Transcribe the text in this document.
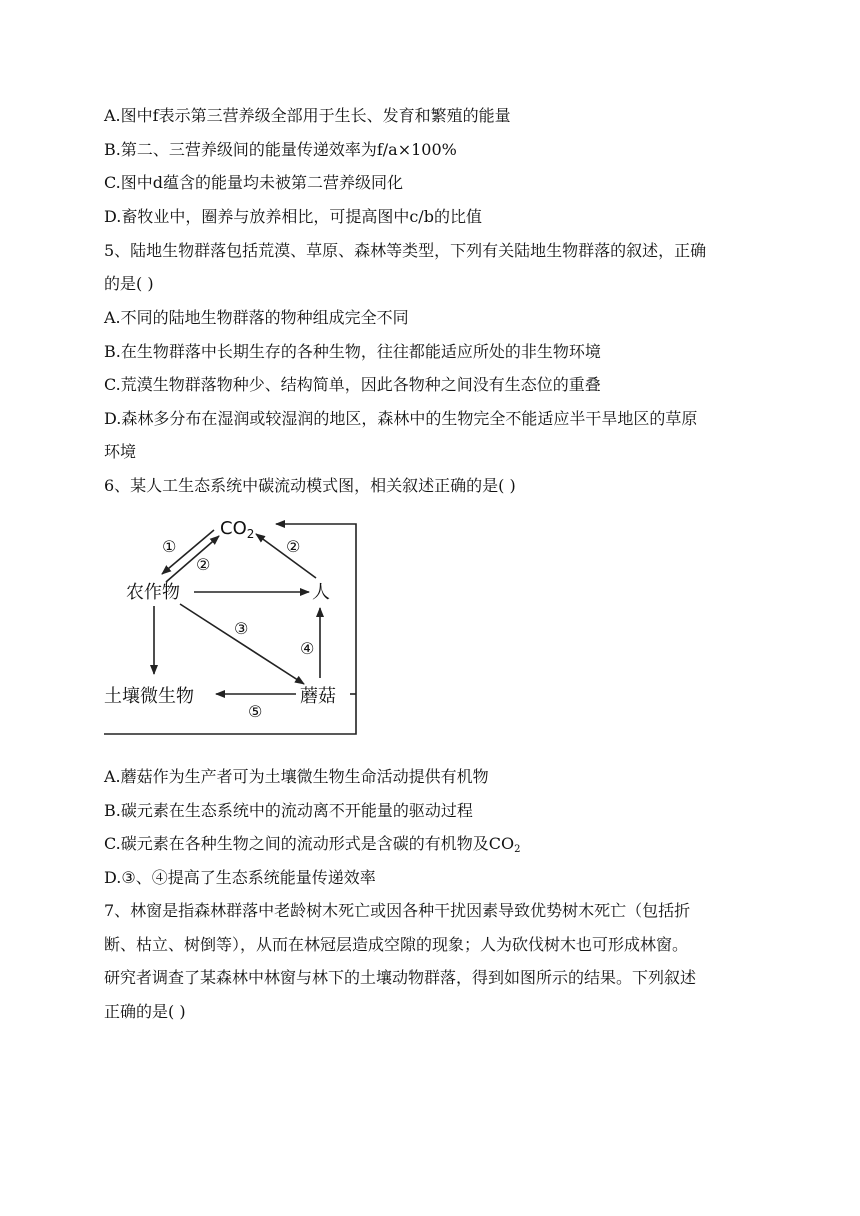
A.图中f表示第三营养级全部用于生长、发育和繁殖的能量
B.第二、三营养级间的能量传递效率为f/a×100%
C.图中d蕴含的能量均未被第二营养级同化
D.畜牧业中，圈养与放养相比，可提高图中c/b的比值
5、陆地生物群落包括荒漠、草原、森林等类型，下列有关陆地生物群落的叙述，正确
的是( )
A.不同的陆地生物群落的物种组成完全不同
B.在生物群落中长期生存的各种生物，往往都能适应所处的非生物环境
C.荒漠生物群落物种少、结构简单，因此各物种之间没有生态位的重叠
D.森林多分布在湿润或较湿润的地区，森林中的生物完全不能适应半干旱地区的草原
环境
6、某人工生态系统中碳流动模式图，相关叙述正确的是( )
$CO_2$
农作物	人
土壤微生物	蘑菇
①
②
②
③
④
⑤
A.蘑菇作为生产者可为土壤微生物生命活动提供有机物
B.碳元素在生态系统中的流动离不开能量的驱动过程
C.碳元素在各种生物之间的流动形式是含碳的有机物及$CO_2$
D.③、④提高了生态系统能量传递效率
7、林窗是指森林群落中老龄树木死亡或因各种干扰因素导致优势树木死亡（包括折
断、枯立、树倒等），从而在林冠层造成空隙的现象；人为砍伐树木也可形成林窗。
研究者调查了某森林中林窗与林下的土壤动物群落，得到如图所示的结果。下列叙述
正确的是( )
